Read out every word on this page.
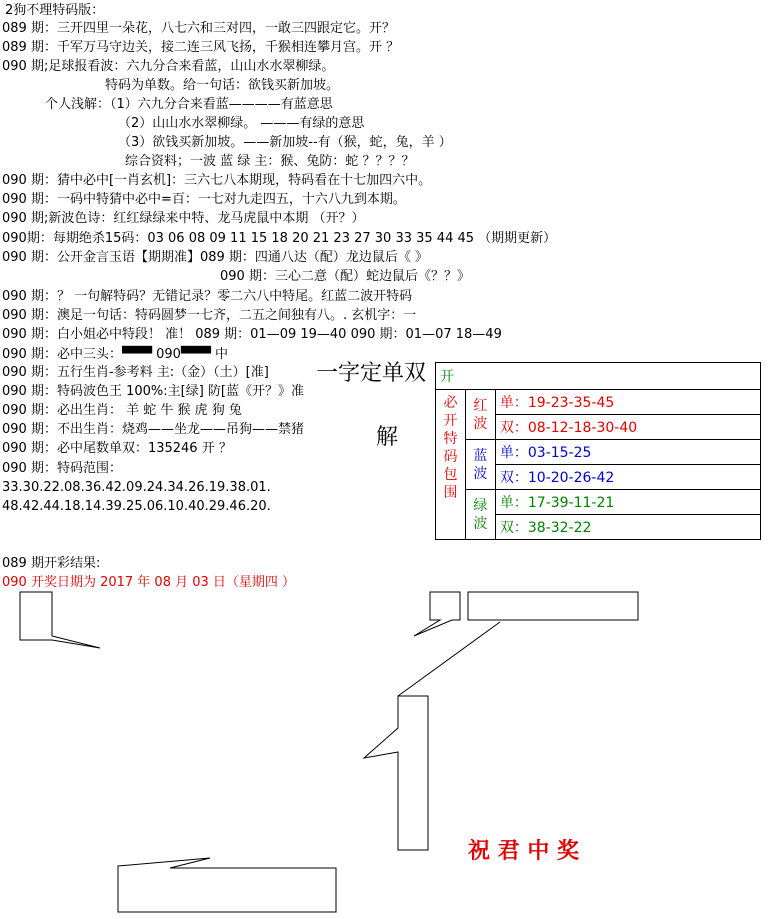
2狗不理特码版：
089 期：三开四里一朵花，八七六和三对四，一敢三四跟定它。开？
089 期：千军万马守边关，接二连三风飞扬，千猴相连攀月宫。开 ？
090 期;足球报看波：六九分合来看蓝，山山水水翠柳绿。
特码为单数。给一句话：欲钱买新加坡。
个人浅解：（1）六九分合来看蓝————有蓝意思
（2）山山水水翠柳绿。 ———有绿的意思
（3）欲钱买新加坡。——新加坡--有（猴，蛇，兔，羊 ）
综合资料；一波 蓝 绿 主：猴、兔防：蛇 ？？？？
090 期：猜中必中[一肖玄机]：三六七八本期现，特码看在十七加四六中。
090 期：一码中特猜中必中=百：一七对九走四五，十六八九到本期。
090 期;新波色诗：红红绿绿来中特、龙马虎鼠中本期 （开？）
090期：每期绝杀15码：03 06 08 09 11 15 18 20 21 23 27 30 33 35 44 45 （期期更新）
090 期：公开金言玉语【期期准】089 期：四通八达（配）龙边鼠后《 》
090 期：三心二意（配）蛇边鼠后《？？》
090 期：？ 一句解特码？无错记录？零二六八中特尾。红蓝二波开特码
090 期：澳足一句话：特码圆梦一七齐，二五之间独有八。. 玄机字：一
090 期：白小姐必中特段！ 准！ 089 期：01—09 19—40 090 期：01—07 18—49
090 期：必中三头：▀▀▀ 090▀▀▀ 中
090 期：五行生肖-参考料 主:（金）（土）[准]
090 期：特码波色王 100%:主[绿] 防[蓝《开？》准
090 期：必出生肖： 羊 蛇 牛 猴 虎 狗 兔
090 期：不出生肖：烧鸡——坐龙——吊狗——禁猪
090 期：必中尾数单双：135246 开 ？
090 期：特码范围：
33.30.22.08.36.42.09.24.34.26.19.38.01.
48.42.44.18.14.39.25.06.10.40.29.46.20.
089 期开彩结果:
090 开奖日期为 2017 年 08 月 03 日（星期四 ）
一字定单双
解
开		
必开特码包围	红波	单：19-23-35-45
		双：08-12-18-30-40
	蓝波	单：03-15-25
		双：10-20-26-42
	绿波	单：17-39-11-21
		双：38-32-22
祝 君 中 奖
